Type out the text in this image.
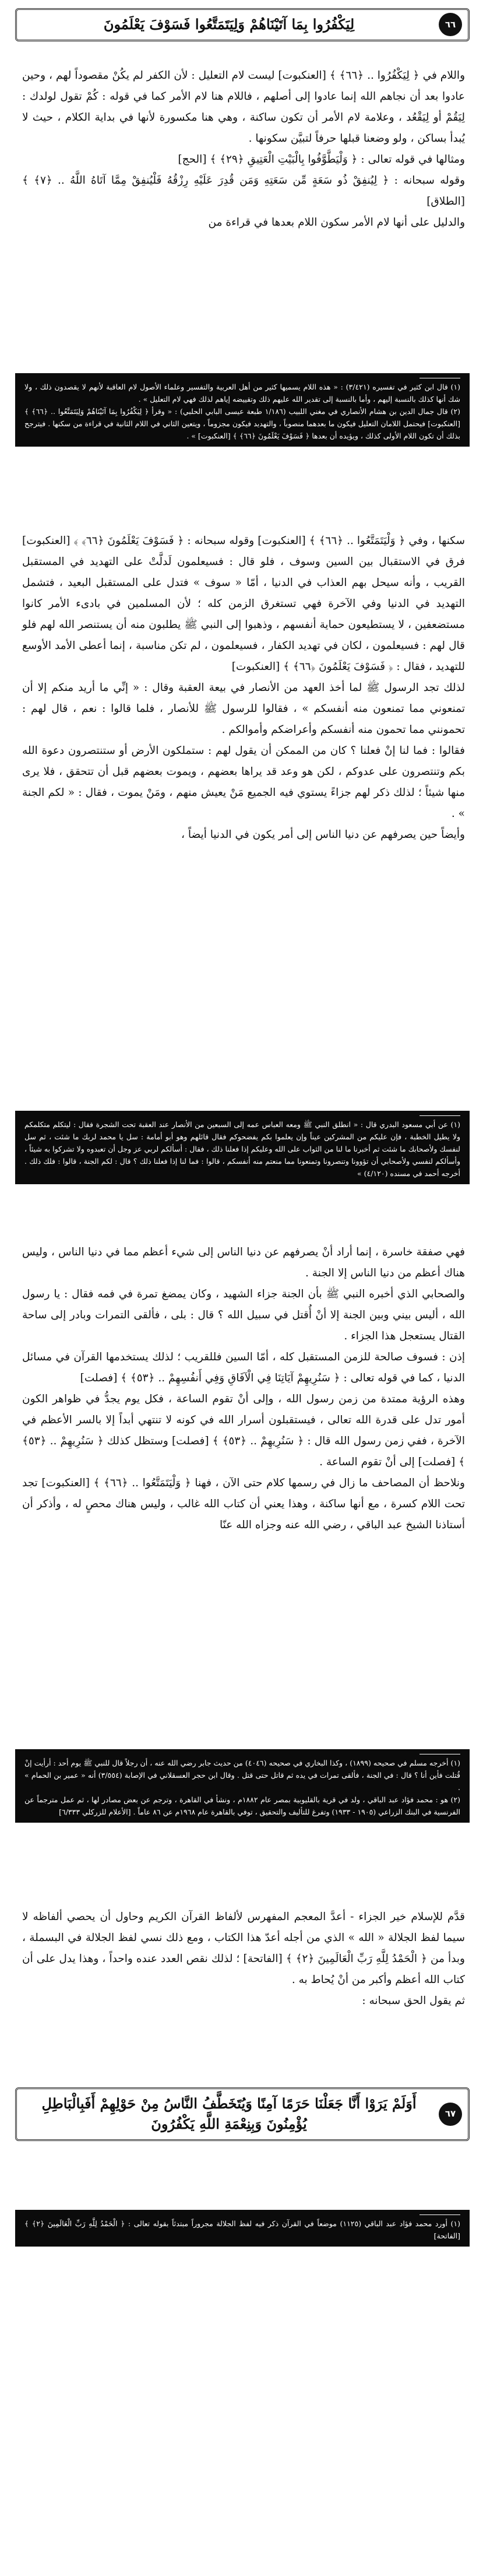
لِيَكْفُرُوا بِمَا آتَيْنَاهُمْ وَلِيَتَمَتَّعُوا فَسَوْفَ يَعْلَمُونَ	٦٦

واللام في ﴿ لِيَكْفُرُوا .. ﴿٦٦﴾ ﴾ [العنكبوت] ليست لام التعليل : لأن الكفر لم يكُنْ مقصوداً لهم ، وحين عادوا بعد أن نجاهم الله إنما عادوا إلى أصلهم ، فاللام هنا لام الأمر كما في قوله : كُمْ تقول لولدك : لِيَقُمْ أو لِيَقْعُد ، وعلامة لام الأمر أن تكون ساكنة ، وهي هنا مكسورة لأنها في بداية الكلام ، حيث لا يُبدأ بساكن ، ولو وضعنا قبلها حرفاً لتبيَّن سكونها .

ومثالها في قوله تعالى : ﴿ وَلْيَطَّوَّفُوا بِالْبَيْتِ الْعَتِيقِ ﴿٢٩﴾ ﴾ [الحج]

وقوله سبحانه : ﴿ لِيُنفِقْ ذُو سَعَةٍ مِّن سَعَتِهِ وَمَن قُدِرَ عَلَيْهِ رِزْقُهُ فَلْيُنفِقْ مِمَّا آتَاهُ اللَّهُ .. ﴿٧﴾ ﴾ [الطلاق]

والدليل على أنها لام الأمر سكون اللام بعدها في قراءة من

(١) قال ابن كثير في تفسيره (٣/٤٢١) : « هذه اللام يسميها كثير من أهل العربية والتفسير وعلماء الأصول لام العاقبة لأنهم لا يقصدون ذلك ، ولا شك أنها كذلك بالنسبة إليهم ، وأما بالنسبة إلى تقدير الله عليهم ذلك وتقييضه إياهم لذلك فهي لام التعليل » .

(٢) قال جمال الدين بن هشام الأنصاري في مغني اللبيب (١/١٨٦ طبعة عيسى البابي الحلبي) : « وقرأ ﴿ لِيَكْفُرُوا بِمَا آتَيْنَاهُمْ وَلِيَتَمَتَّعُوا .. ﴿٦٦﴾ ﴾ [العنكبوت] فيحتمل اللامان التعليل فيكون ما بعدهما منصوباً ، والتهديد فيكون مجزوماً ، ويتعين الثاني في اللام الثانية في قراءة من سكنها . فيترجح بذلك أن تكون اللام الأولى كذلك ، ويؤيده أن بعدها ﴿ فَسَوْفَ يَعْلَمُونَ ﴿٦٦﴾ ﴾ [العنكبوت] » .

سكنها ، وفي ﴿ وَلْيَتَمَتَّعُوا .. ﴿٦٦﴾ ﴾ [العنكبوت] وقوله سبحانه : ﴿ فَسَوْفَ يَعْلَمُونَ ﴿٦٦﴾ ﴾ [العنكبوت] فرق في الاستقبال بين السين وسوف ، فلو قال : فسيعلمون لَدلَّتْ على التهديد في المستقبل القريب ، وأنه سيحل بهم العذاب في الدنيا ، أمّا « سوف » فتدل على المستقبل البعيد ، فتشمل التهديد في الدنيا وفي الآخرة فهي تستغرق الزمن كله ؛ لأن المسلمين في بادىء الأمر كانوا مستضعفين ، لا يستطيعون حماية أنفسهم ، وذهبوا إلى النبي ﷺ يطلبون منه أن يستنصر الله لهم فلو قال لهم : فسيعلمون ، لكان في تهديد الكفار ، فسيعلمون ، لم تكن مناسبة ، إنما أعطى الأمد الأوسع للتهديد ، فقال : ﴿ فَسَوْفَ يَعْلَمُونَ ﴿٦٦﴾ ﴾ [العنكبوت]

لذلك تجد الرسول ﷺ لما أخذ العهد من الأنصار في بيعة العقبة وقال : « إنِّي ما أريد منكم إلا أن تمنعوني مما تمنعون منه أنفسكم » ، فقالوا للرسول ﷺ للأنصار ، فلما قالوا : نعم ، قال لهم : تحمونني مما تحمون منه أنفسكم وأعراضكم وأموالكم .

فقالوا : فما لنا إنْ فعلنا ؟ كان من الممكن أن يقول لهم : ستملكون الأرض أو ستنتصرون دعوة الله بكم وتنتصرون على عدوكم ، لكن هو وعد قد يراها بعضهم ، ويموت بعضهم قبل أن تتحقق ، فلا يرى منها شيئاً ؛ لذلك ذكر لهم جزاءً يستوي فيه الجميع مَنْ يعيش منهم ، ومَنْ يموت ، فقال : « لكم الجنة » .

وأيضاً حين يصرفهم عن دنيا الناس إلى أمر يكون في الدنيا أيضاً ،

(١) عن أبي مسعود البدري قال : « انطلق النبي ﷺ ومعه العباس عمه إلى السبعين من الأنصار عند العقبة تحت الشجرة فقال : ليتكلم متكلمكم ولا يطيل الخطبة ، فإن عليكم من المشركين عيناً وإن يعلموا بكم يفضحوكم فقال قائلهم وهو أبو أمامة : سل يا محمد لربك ما شئت ، ثم سل لنفسك ولأصحابك ما شئت ثم أخبرنا ما لنا من الثواب على الله وعليكم إذا فعلنا ذلك ، فقال : أسألكم لربي عز وجل أن تعبدوه ولا تشركوا به شيئاً ، وأسألكم لنفسي ولأصحابي أن تؤوونا وتنصرونا وتمنعونا مما منعتم منه أنفسكم ، قالوا : فما لنا إذا فعلنا ذلك ؟ قال : لكم الجنة ، قالوا : فلك ذلك . أخرجه أحمد في مسنده (٤/١٢٠) »

فهي صفقة خاسرة ، إنما أراد أنْ يصرفهم عن دنيا الناس إلى شيء أعظم مما في دنيا الناس ، وليس هناك أعظم من دنيا الناس إلا الجنة .

والصحابي الذي أخبره النبي ﷺ بأن الجنة جزاء الشهيد ، وكان يمضغ تمرة في فمه فقال : يا رسول الله ، أليس بيني وبين الجنة إلا أنْ أُقتل في سبيل الله ؟ قال : بلى ، فألقى التمرات وبادر إلى ساحة القتال يستعجل هذا الجزاء .

إذن : فسوف صالحة للزمن المستقبل كله ، أمّا السين فللقريب ؛ لذلك يستخدمها القرآن في مسائل الدنيا ، كما في قوله تعالى : ﴿ سَنُرِيهِمْ آيَاتِنَا فِي الْآفَاقِ وَفِي أَنفُسِهِمْ .. ﴿٥٣﴾ ﴾ [فصلت]

وهذه الرؤية ممتدة من زمن رسول الله ، وإلى أنْ تقوم الساعة ، فكل يوم يجدُّ في ظواهر الكون أمور تدل على قدرة الله تعالى ، فيستقبلون أسرار الله في كونه لا تنتهي أبداً إلا بالسر الأعظم في الآخرة ، ففي زمن رسول الله قال : ﴿ سَنُرِيهِمْ .. ﴿٥٣﴾ ﴾ [فصلت] وستظل كذلك ﴿ سَنُرِيهِمْ .. ﴿٥٣﴾ ﴾ [فصلت] إلى أنْ تقوم الساعة .

ونلاحظ أن المصاحف ما زال في رسمها كلام حتى الآن ، فهنا ﴿ وَلْيَتَمَتَّعُوا .. ﴿٦٦﴾ ﴾ [العنكبوت] تجد تحت اللام كسرة ، مع أنها ساكنة ، وهذا يعني أن كتاب الله غالب ، وليس هناك محصٍ له ، وأذكر أن أستاذنا الشيخ عبد الباقي ، رضي الله عنه وجزاه الله عنّا

(١) أخرجه مسلم في صحيحه (١٨٩٩) ، وكذا البخاري في صحيحه (٤٠٤٦) من حديث جابر رضي الله عنه ، أن رجلاً قال للنبي ﷺ يوم أحد : أرأيت إنْ قُتلت فأين أنا ؟ قال : في الجنة ، فألقى تمرات في يده ثم قاتل حتى قتل . وقال ابن حجر العسقلاني في الإصابة (٣/٥٥٤) أنه « عمير بن الحمام » .

(٢) هو : محمد فؤاد عبد الباقي ، ولد في قرية بالقليوبية بمصر عام ١٨٨٢م ، ونشأ في القاهرة ، وترجم عن بعض مصادر لها ، ثم عمل مترجماً عن الفرنسية في البنك الزراعي (١٩٠٥ - ١٩٣٣) وتفرغ للتأليف والتحقيق ، توفي بالقاهرة عام ١٩٦٨م عن ٨٦ عاماً . [الأعلام للزركلي ٦/٣٣٣]

قدَّم للإسلام خير الجزاء - أعدَّ المعجم المفهرس لألفاظ القرآن الكريم وحاول أن يحصي ألفاظه لا سيما لفظ الجلالة « الله » الذي من أجله أعدّ هذا الكتاب ، ومع ذلك نسي لفظ الجلالة في البسملة ، وبدأ من ﴿ الْحَمْدُ لِلَّهِ رَبِّ الْعَالَمِينَ ﴿٢﴾ ﴾ [الفاتحة] ؛ لذلك نقص العدد عنده واحداً ، وهذا يدل على أن كتاب الله أعظم وأكبر من أنْ يُحاط به .

ثم يقول الحق سبحانه :

أَوَلَمْ يَرَوْا أَنَّا جَعَلْنَا حَرَمًا آمِنًا وَيُتَخَطَّفُ النَّاسُ مِنْ حَوْلِهِمْ أَفَبِالْبَاطِلِ يُؤْمِنُونَ وَبِنِعْمَةِ اللَّهِ يَكْفُرُونَ
٦٧

(١) أورد محمد فؤاد عبد الباقي (١١٢٥) موضعاً في القرآن ذكر فيه لفظ الجلالة مجروراً مبتدئاً بقوله تعالى : ﴿ الْحَمْدُ لِلَّهِ رَبِّ الْعَالَمِينَ ﴿٢﴾ ﴾ [الفاتحة]
